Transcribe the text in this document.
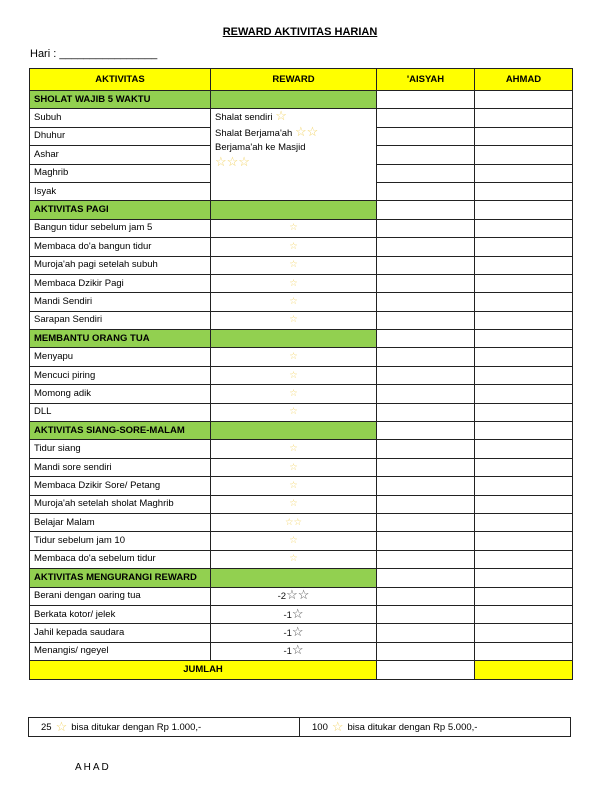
REWARD AKTIVITAS HARIAN
Hari : ________________
AKTIVITAS	REWARD	'AISYAH	AHMAD
SHOLAT WAJIB 5 WAKTU			
Subuh	Shalat sendiri ☆
Shalat Berjama'ah ☆☆
Berjama'ah ke Masjid
☆☆☆		
Dhuhur			
Ashar			
Maghrib			
Isyak			
AKTIVITAS PAGI			
Bangun tidur sebelum jam 5	☆		
Membaca do'a bangun tidur	☆		
Muroja'ah pagi setelah subuh	☆		
Membaca Dzikir Pagi	☆		
Mandi Sendiri	☆		
Sarapan Sendiri	☆		
MEMBANTU ORANG TUA			
Menyapu	☆		
Mencuci piring	☆		
Momong adik	☆		
DLL	☆		
AKTIVITAS SIANG-SORE-MALAM			
Tidur siang	☆		
Mandi sore sendiri	☆		
Membaca Dzikir Sore/ Petang	☆		
Muroja'ah setelah sholat Maghrib	☆		
Belajar Malam	☆☆		
Tidur sebelum jam 10	☆		
Membaca do'a sebelum tidur	☆		
AKTIVITAS MENGURANGI REWARD			
Berani dengan oaring tua	-2☆☆		
Berkata kotor/ jelek	-1☆		
Jahil kepada saudara	-1☆		
Menangis/ ngeyel	-1☆		
JUMLAH			
25 ☆ bisa ditukar dengan Rp 1.000,-	100 ☆ bisa ditukar dengan Rp 5.000,-
AHAD
